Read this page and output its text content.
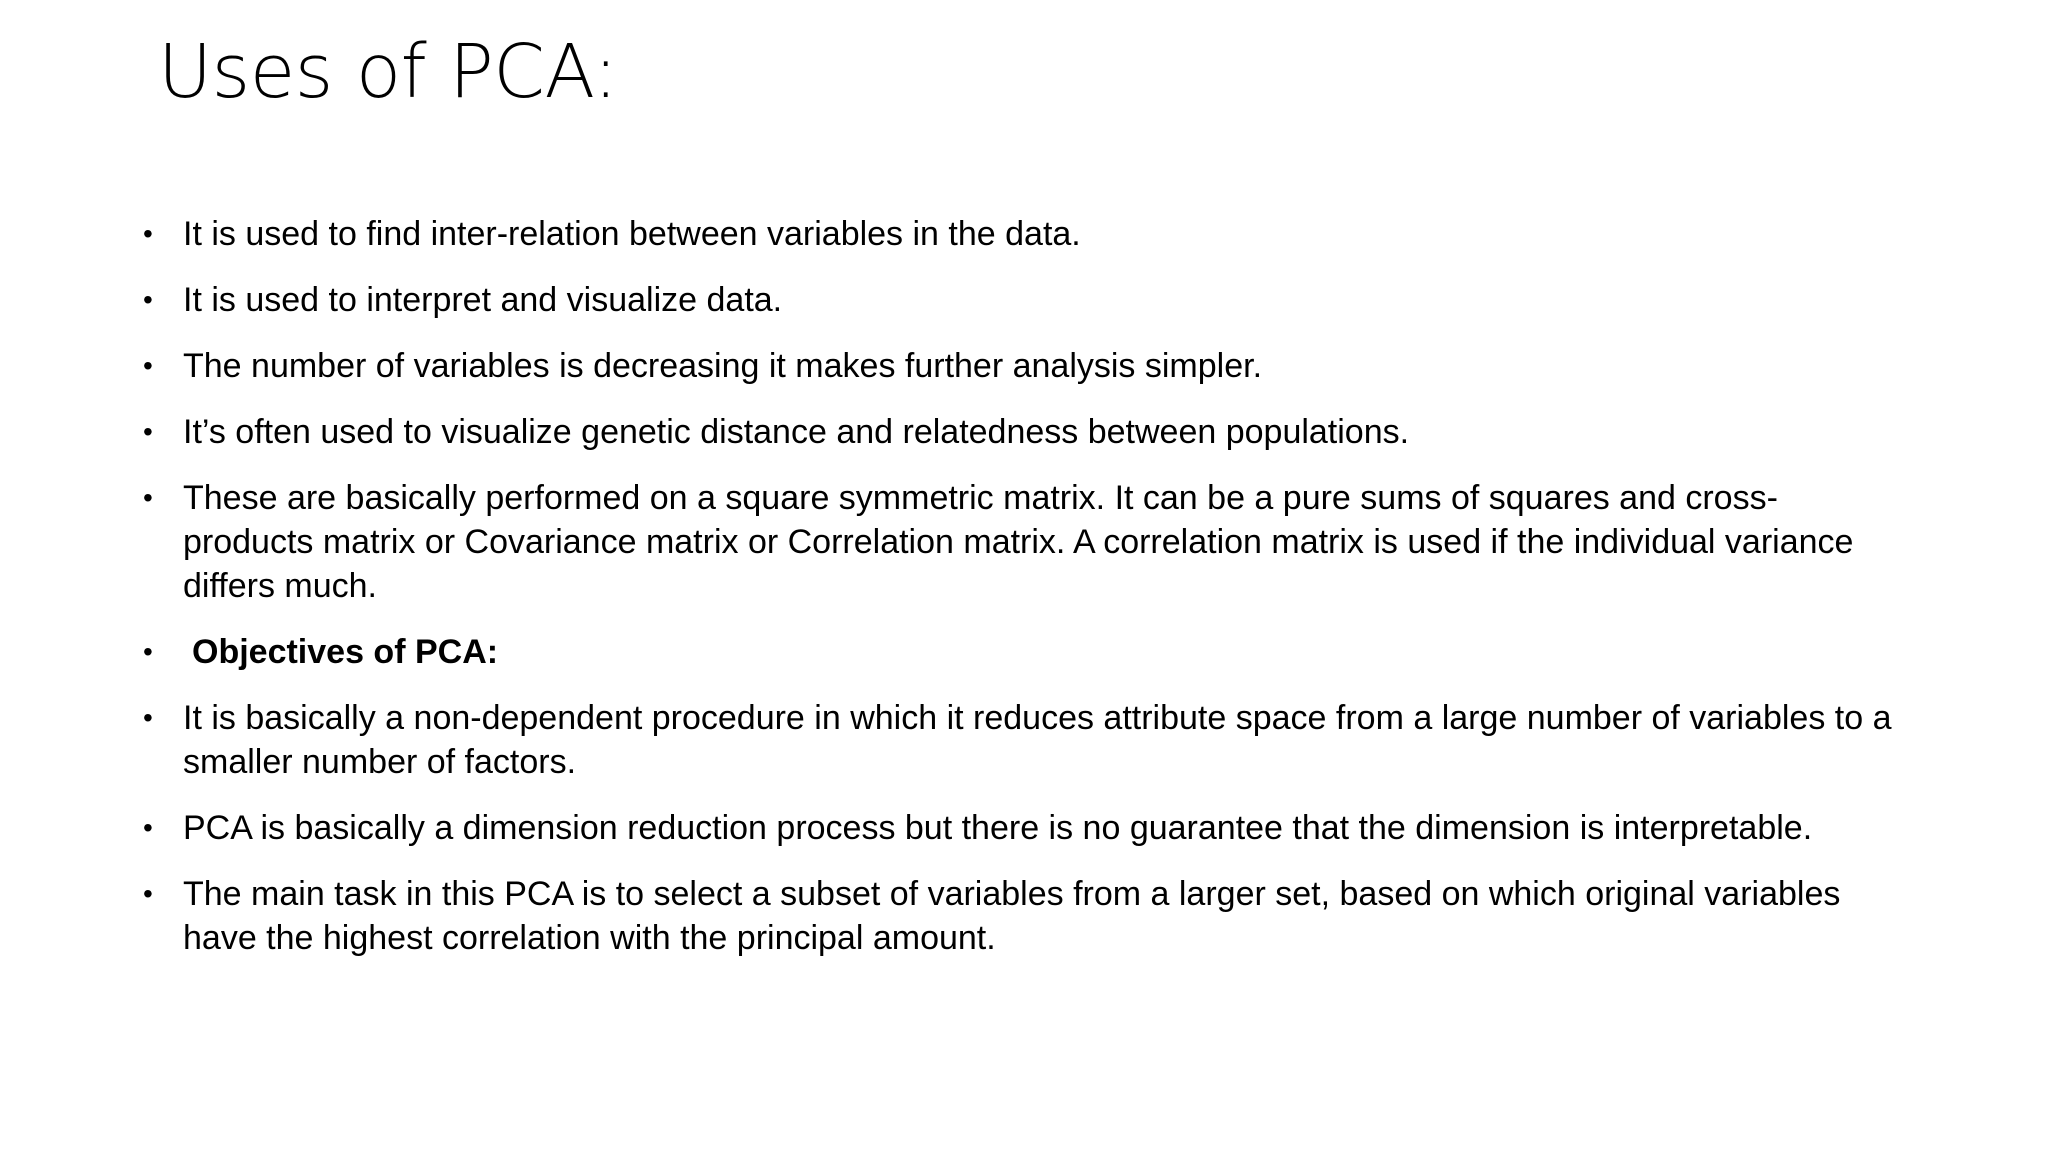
Uses of PCA:
• It is used to find inter-relation between variables in the data.
• It is used to interpret and visualize data.
• The number of variables is decreasing it makes further analysis simpler.
• It’s often used to visualize genetic distance and relatedness between populations.
• These are basically performed on a square symmetric matrix. It can be a pure sums of squares and cross-products matrix or Covariance matrix or Correlation matrix. A correlation matrix is used if the individual variance differs much.
•	Objectives of PCA:
• It is basically a non-dependent procedure in which it reduces attribute space from a large number of variables to a smaller number of factors.
• PCA is basically a dimension reduction process but there is no guarantee that the dimension is interpretable.
• The main task in this PCA is to select a subset of variables from a larger set, based on which original variables have the highest correlation with the principal amount.
